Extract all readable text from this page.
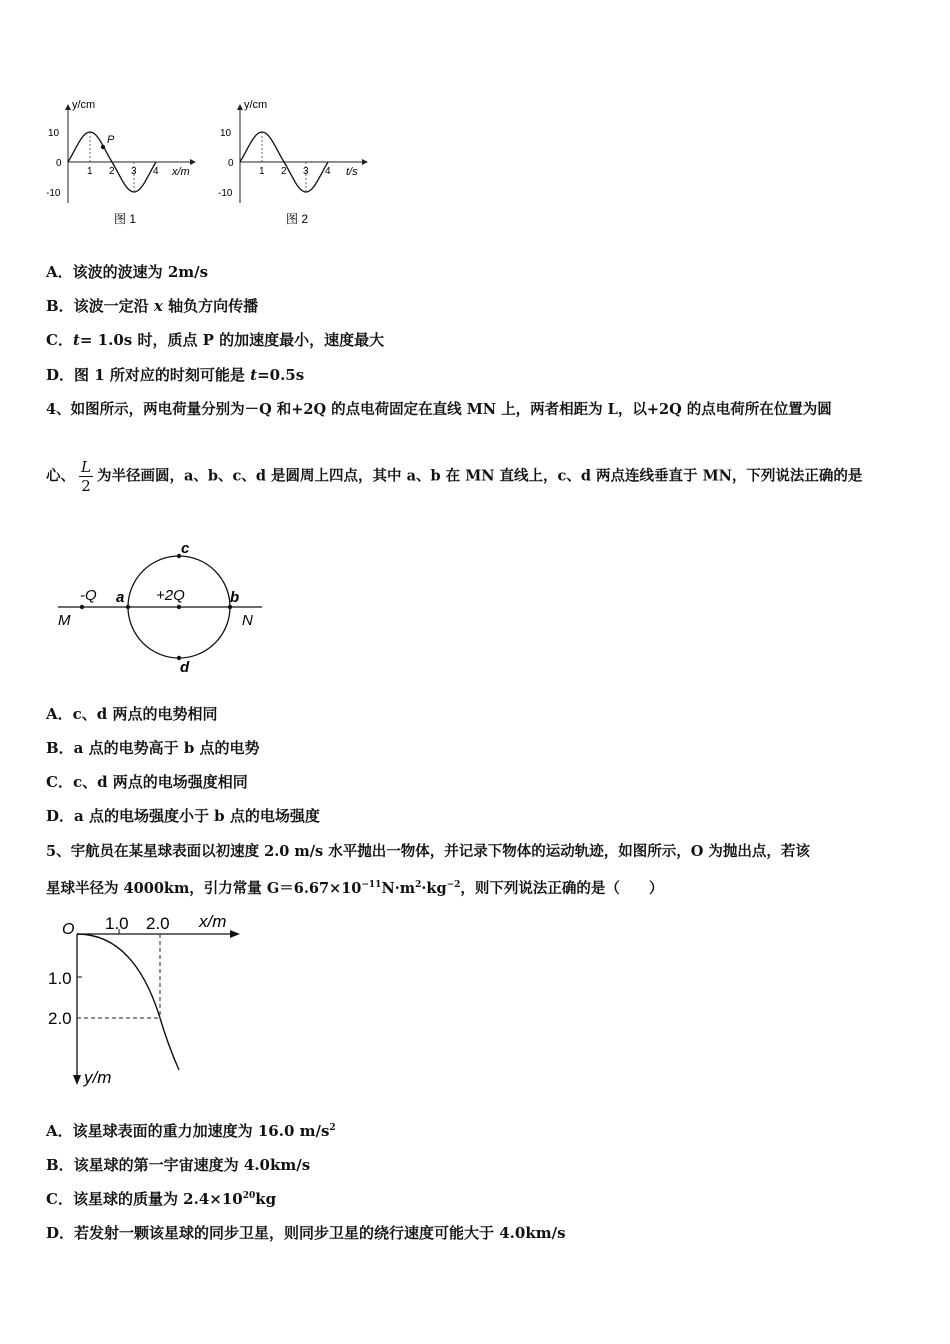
P
y/cm
x/m
10
0
-10
1 2 3 4
图 1
y/cm
t/s
10
0
-10
1 2 3 4
图 2
A．该波的波速为 2m/s
B．该波一定沿 x 轴负方向传播
C．t= 1.0s 时，质点 P 的加速度最小，速度最大
D．图 1 所对应的时刻可能是 t=0.5s
4、如图所示，两电荷量分别为－Q 和+2Q 的点电荷固定在直线 MN 上，两者相距为 L，以+2Q 的点电荷所在位置为圆
心、 $\frac{L}{2}$ 为半径画圆，a、b、c、d 是圆周上四点，其中 a、b 在 MN 直线上，c、d 两点连线垂直于 MN，下列说法正确的是
-Q	+2Q
a	b
c
d
M	N
A．c、d 两点的电势相同
B．a 点的电势高于 b 点的电势
C．c、d 两点的电场强度相同
D．a 点的电场强度小于 b 点的电场强度
5、宇航员在某星球表面以初速度 2.0 m/s 水平抛出一物体，并记录下物体的运动轨迹，如图所示，O 为抛出点，若该
星球半径为 4000km，引力常量 $G=6.67\times 10^{-11}N\cdot m^2\cdot kg^{-2}$，则下列说法正确的是（　　）
O 1.0 2.0 x/m
1.0
2.0
y/m
A．该星球表面的重力加速度为 16.0 $m/s^2$
B．该星球的第一宇宙速度为 4.0km/s
C．该星球的质量为 $2.4\times 10^{20}kg$
D．若发射一颗该星球的同步卫星，则同步卫星的绕行速度可能大于 4.0km/s
